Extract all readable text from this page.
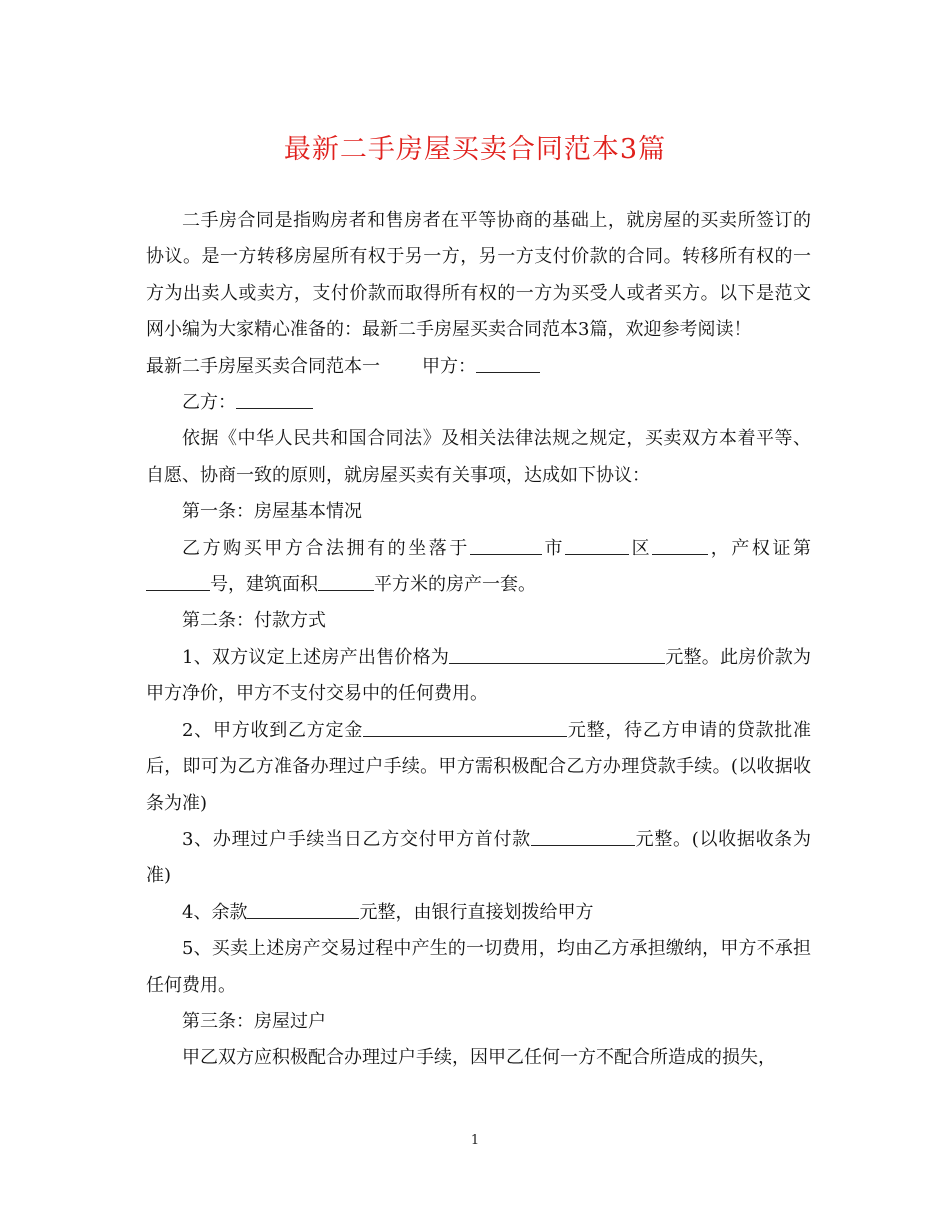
最新二手房屋买卖合同范本3篇

二手房合同是指购房者和售房者在平等协商的基础上，就房屋的买卖所签订的协议。是一方转移房屋所有权于另一方，另一方支付价款的合同。转移所有权的一方为出卖人或卖方，支付价款而取得所有权的一方为买受人或者买方。以下是范文网小编为大家精心准备的：最新二手房屋买卖合同范本3篇，欢迎参考阅读！

最新二手房屋买卖合同范本一 甲方：

乙方：

依据《中华人民共和国合同法》及相关法律法规之规定，买卖双方本着平等、自愿、协商一致的原则，就房屋买卖有关事项，达成如下协议：

第一条：房屋基本情况

乙方购买甲方合法拥有的坐落于	市	区	，产权证第号，建筑面积	平方米的房产一套。

第二条：付款方式

1、双方议定上述房产出售价格为	元整。此房价款为甲方净价，甲方不支付交易中的任何费用。

2、甲方收到乙方定金	元整，待乙方申请的贷款批准后，即可为乙方准备办理过户手续。甲方需积极配合乙方办理贷款手续。(以收据收条为准)

3、办理过户手续当日乙方交付甲方首付款	元整。(以收据收条为准)

4、余款	元整，由银行直接划拨给甲方

5、买卖上述房产交易过程中产生的一切费用，均由乙方承担缴纳，甲方不承担任何费用。

第三条：房屋过户

甲乙双方应积极配合办理过户手续，因甲乙任何一方不配合所造成的损失，

1
